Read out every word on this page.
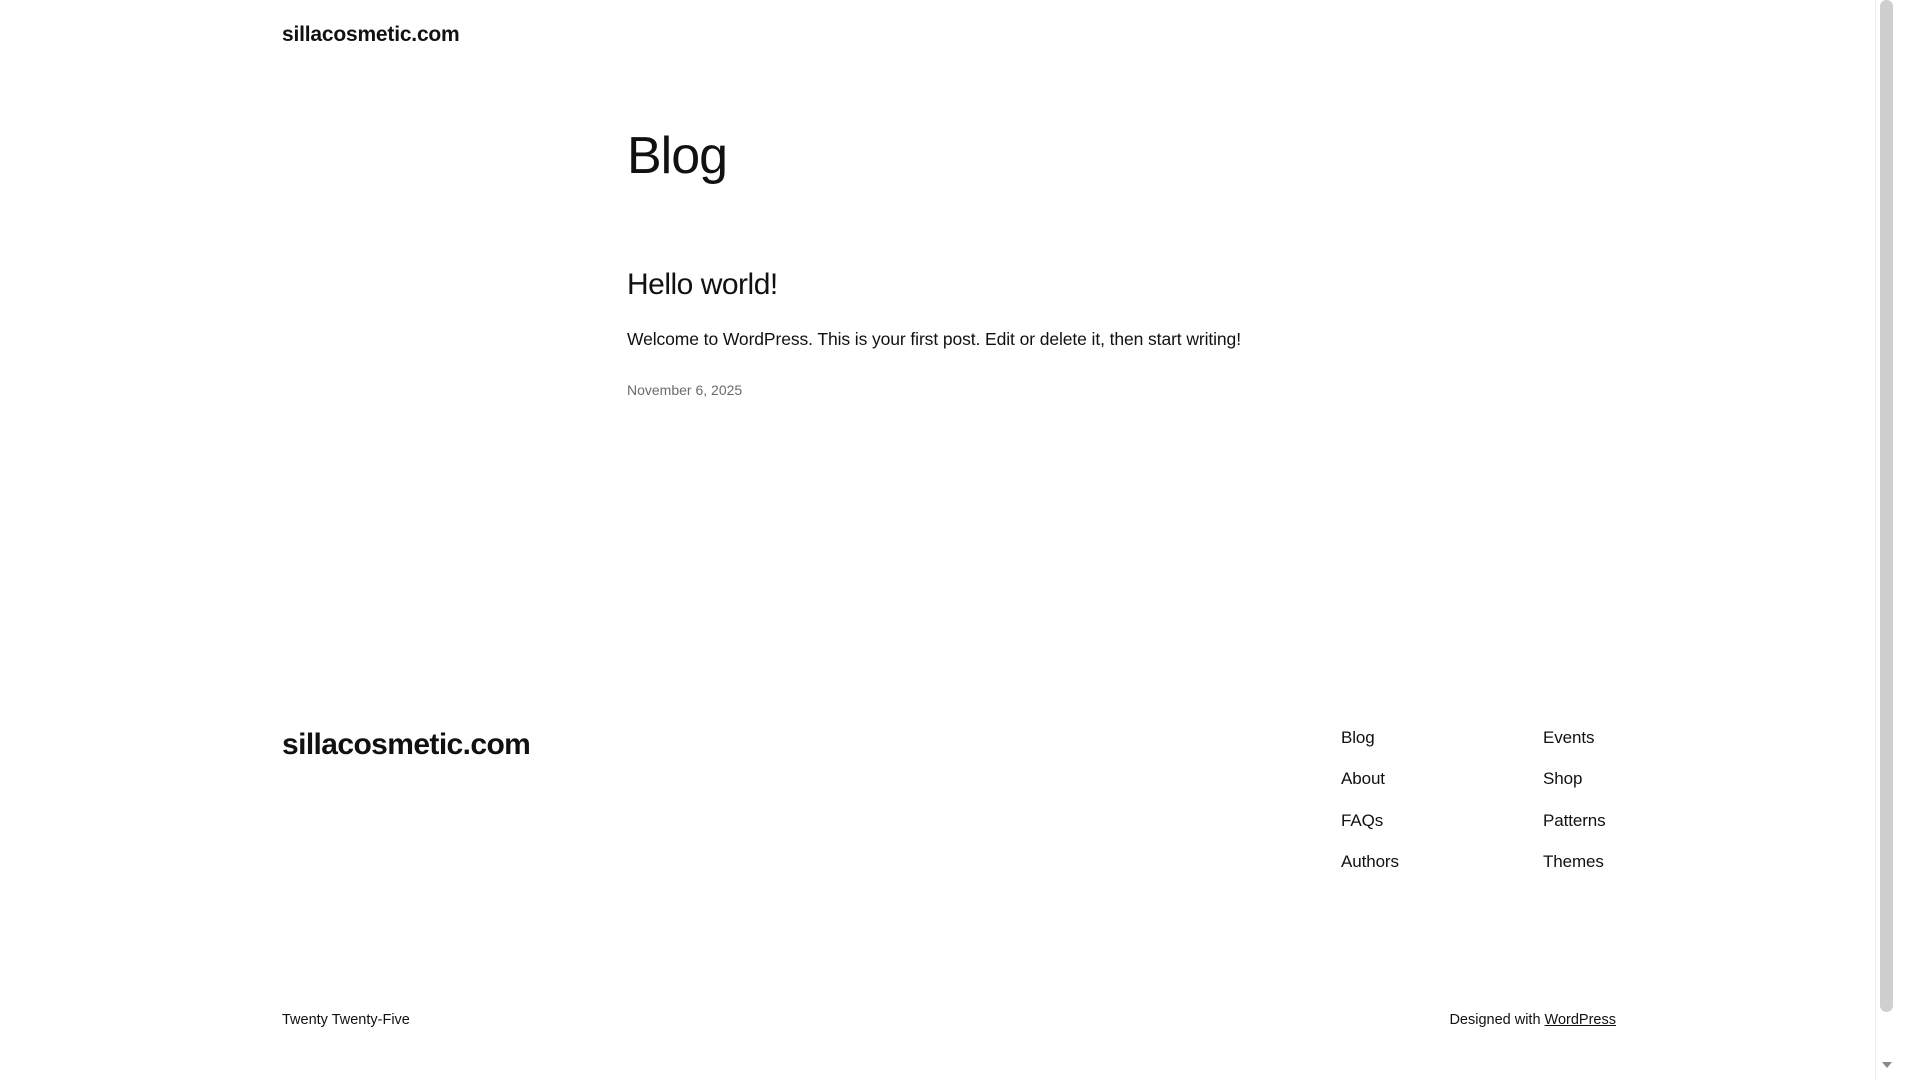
sillacosmetic.com
Blog
Hello world!

Welcome to WordPress. This is your first post. Edit or delete it, then start writing!

November 6, 2025
sillacosmetic.com	Blog
About
FAQs
Authors
Events
Shop
Patterns
Themes
Twenty Twenty-Five	Designed with WordPress
